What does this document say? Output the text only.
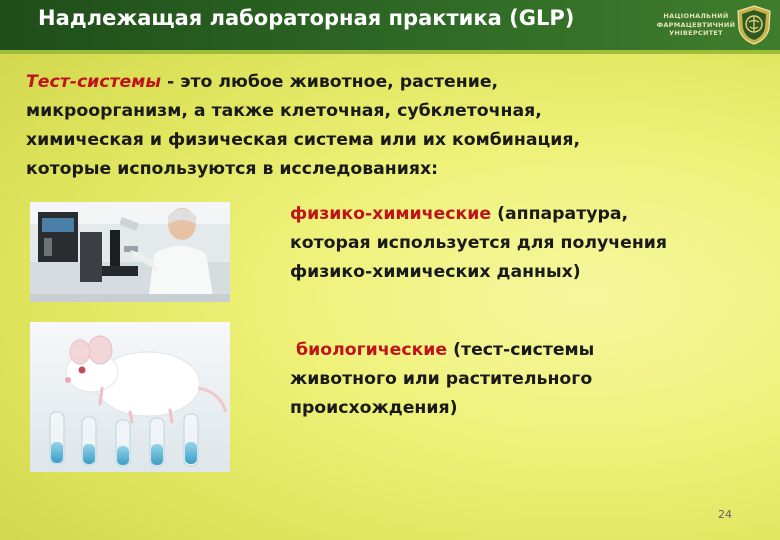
Надлежащая лабораторная практика (GLP)	НАЦІОНАЛЬНИЙ
ФАРМАЦЕВТИЧНИЙ
УНІВЕРСИТЕТ
Тест-системы - это любое животное, растение,
микроорганизм, а также клеточная, субклеточная,
химическая и физическая система или их комбинация,
которые используются в исследованиях:
физико-химические (аппаратура,
которая используется для получения
физико-химических данных)
биологические (тест-системы
животного или растительного
происхождения)
24
